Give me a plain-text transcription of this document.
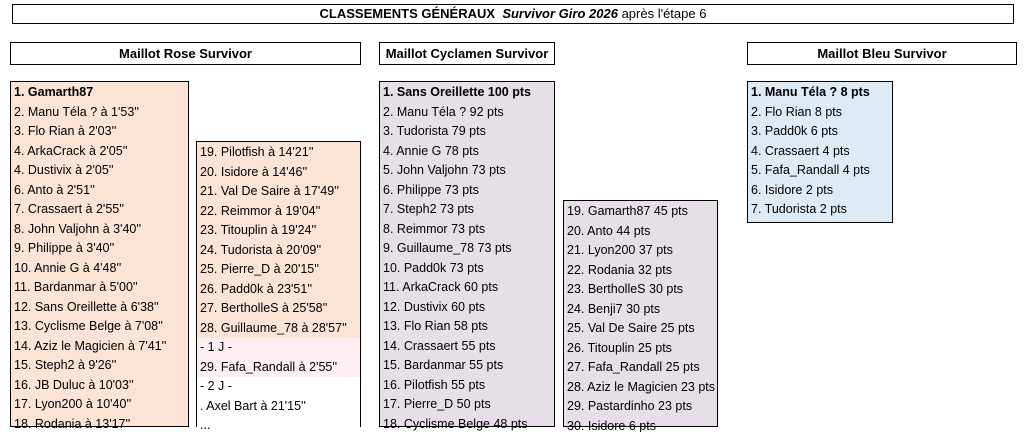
CLASSEMENTS GÉNÉRAUX Survivor Giro 2026 après l'étape 6
Maillot Rose Survivor	Maillot Cyclamen Survivor	Maillot Bleu Survivor
1. Gamarth87
2. Manu Téla ? à 1'53''
3. Flo Rian à 2'03''
4. ArkaCrack à 2'05''
4. Dustivix à 2'05''
6. Anto à 2'51''
7. Crassaert à 2'55''
8. John Valjohn à 3'40''
9. Philippe à 3'40''
10. Annie G à 4'48''
11. Bardanmar à 5'00''
12. Sans Oreillette à 6'38''
13. Cyclisme Belge à 7'08''
14. Aziz le Magicien à 7'41''
15. Steph2 à 9'26''
16. JB Duluc à 10'03''
17. Lyon200 à 10'40''
18. Rodania à 13'17''
19. Pilotfish à 14'21''
20. Isidore à 14'46''
21. Val De Saire à 17'49''
22. Reimmor à 19'04''
23. Titouplin à 19'24''
24. Tudorista à 20'09''
25. Pierre_D à 20'15''
26. Padd0k à 23'51''
27. BertholleS à 25'58''
28. Guillaume_78 à 28'57''
- 1 J -
29. Fafa_Randall à 2'55''
- 2 J -
. Axel Bart à 21'15''
...
1. Sans Oreillette 100 pts
2. Manu Téla ? 92 pts
3. Tudorista 79 pts
4. Annie G 78 pts
5. John Valjohn 73 pts
6. Philippe 73 pts
7. Steph2 73 pts
8. Reimmor 73 pts
9. Guillaume_78 73 pts
10. Padd0k 73 pts
11. ArkaCrack 60 pts
12. Dustivix 60 pts
13. Flo Rian 58 pts
14. Crassaert 55 pts
15. Bardanmar 55 pts
16. Pilotfish 55 pts
17. Pierre_D 50 pts
18. Cyclisme Belge 48 pts
19. Gamarth87 45 pts
20. Anto 44 pts
21. Lyon200 37 pts
22. Rodania 32 pts
23. BertholleS 30 pts
24. Benji7 30 pts
25. Val De Saire 25 pts
26. Titouplin 25 pts
27. Fafa_Randall 25 pts
28. Aziz le Magicien 23 pts
29. Pastardinho 23 pts
30. Isidore 6 pts
1. Manu Téla ? 8 pts
2. Flo Rian 8 pts
3. Padd0k 6 pts
4. Crassaert 4 pts
5. Fafa_Randall 4 pts
6. Isidore 2 pts
7. Tudorista 2 pts
